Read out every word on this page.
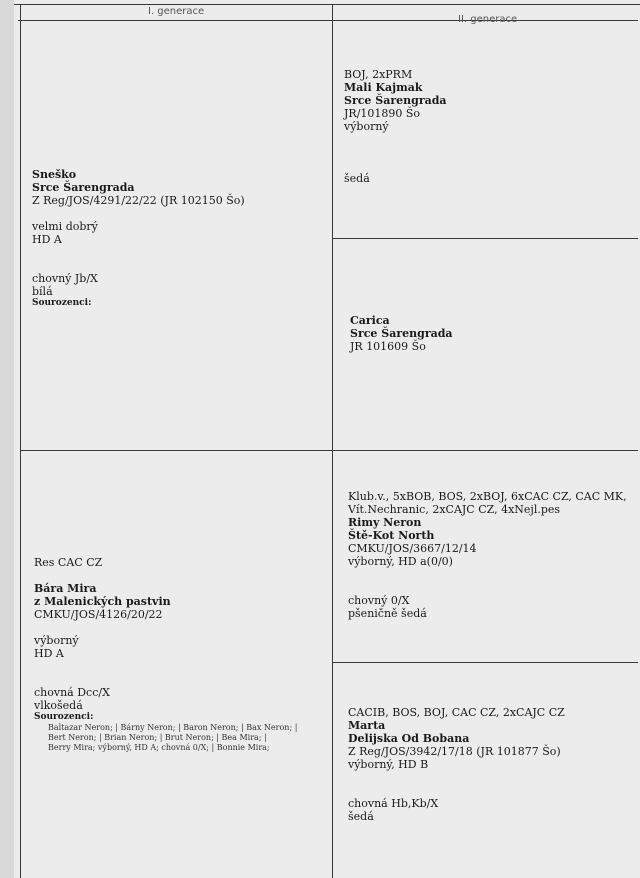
I. generace
II. generace
Sneško
Srce Šarengrada
Z Reg/JOS/4291/22/22 (JR 102150 Šo)
velmi dobrý
HD A
chovný Jb/X
bílá
Sourozenci:
BOJ, 2xPRM
Mali Kajmak
Srce Šarengrada
JR/101890 Šo
výborný
šedá
Carica
Srce Šarengrada
JR 101609 Šo
Res CAC CZ
Bára Mira
z Malenických pastvin
CMKU/JOS/4126/20/22
výborný
HD A
chovná Dcc/X
vlkošedá
Sourozenci:
Baltazar Neron; | Bárny Neron; | Baron Neron; | Bax Neron; |
Bert Neron; | Brian Neron; | Brut Neron; | Bea Mira; |
Berry Mira; výborný, HD A; chovná 0/X; | Bonnie Mira;
Klub.v., 5xBOB, BOS, 2xBOJ, 6xCAC CZ, CAC MK,
Vít.Nechranic, 2xCAJC CZ, 4xNejl.pes
Rimy Neron
Ště-Kot North
CMKU/JOS/3667/12/14
výborný, HD a(0/0)
chovný 0/X
pšeničně šedá
CACIB, BOS, BOJ, CAC CZ, 2xCAJC CZ
Marta
Delijska Od Bobana
Z Reg/JOS/3942/17/18 (JR 101877 Šo)
výborný, HD B
chovná Hb,Kb/X
šedá
